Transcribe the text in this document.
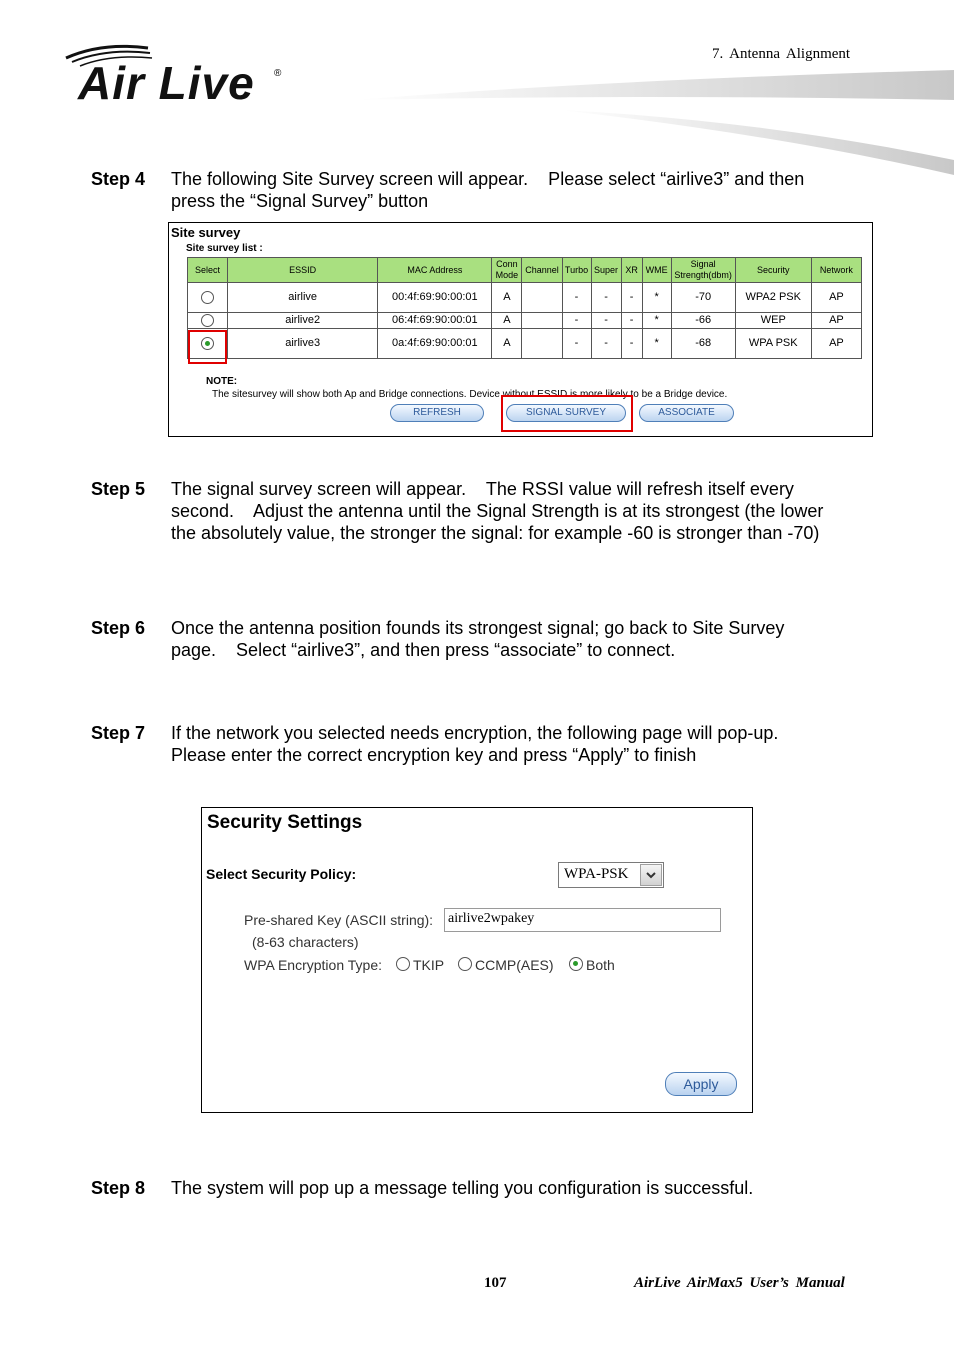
Air Live ®
7. Antenna Alignment
Step 4 The following Site Survey screen will appear.    Please select “airlive3” and then

press the “Signal Survey” button

Site survey
Site survey list :
Select	ESSID	MAC Address	Conn Mode	Channel	Turbo	Super	XR	WME	Signal Strength(dbm)	Security	Network
	airlive	00:4f:69:90:00:01	A		-	-	-	*	-70	WPA2 PSK	AP
	airlive2	06:4f:69:90:00:01	A		-	-	-	*	-66	WEP	AP
	airlive3	0a:4f:69:90:00:01	A		-	-	-	*	-68	WPA PSK	AP
NOTE:
The sitesurvey will show both Ap and Bridge connections. Device without ESSID is more likely to be a Bridge device.
REFRESH	SIGNAL SURVEY	ASSOCIATE
Step 5 The signal survey screen will appear.    The RSSI value will refresh itself every

second.    Adjust the antenna until the Signal Strength is at its strongest (the lower

the absolutely value, the stronger the signal: for example -60 is stronger than -70)

Step 6 Once the antenna position founds its strongest signal; go back to Site Survey

page.    Select “airlive3”, and then press “associate” to connect.

Step 7 If the network you selected needs encryption, the following page will pop-up.

Please enter the correct encryption key and press “Apply” to finish

Security Settings
Select Security Policy:	WPA-PSK
Pre-shared Key (ASCII string): airlive2wpakey
(8-63 characters)
WPA Encryption Type:	TKIP	CCMP(AES)	Both
Apply
Step 8 The system will pop up a message telling you configuration is successful.

107	AirLive AirMax5 User’s Manual
